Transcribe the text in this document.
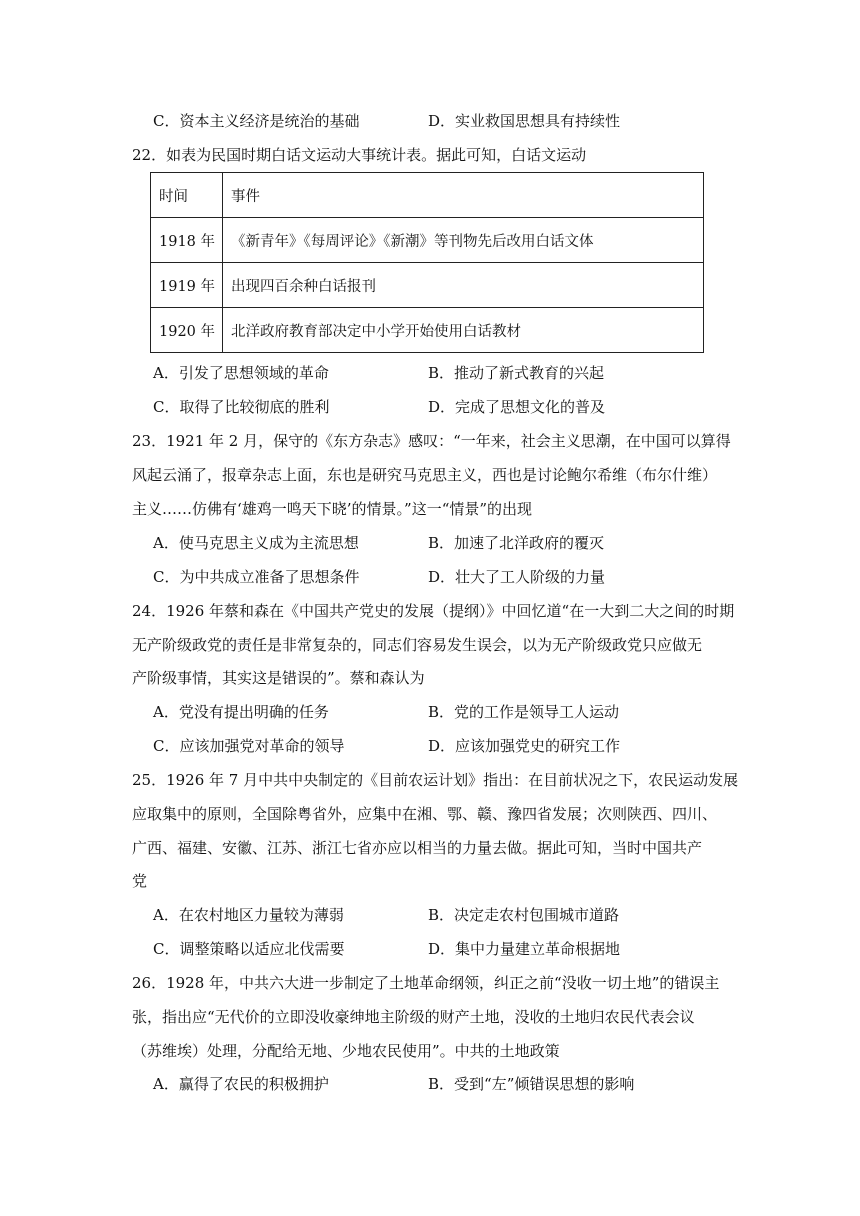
C．资本主义经济是统治的基础	D．实业救国思想具有持续性
22．如表为民国时期白话文运动大事统计表。据此可知，白话文运动
时间	事件
1918 年	《新青年》《每周评论》《新潮》等刊物先后改用白话文体
1919 年	出现四百余种白话报刊
1920 年	北洋政府教育部决定中小学开始使用白话教材
A．引发了思想领域的革命	B．推动了新式教育的兴起
C．取得了比较彻底的胜利	D．完成了思想文化的普及
23．1921 年 2 月，保守的《东方杂志》感叹：“一年来，社会主义思潮，在中国可以算得
风起云涌了，报章杂志上面，东也是研究马克思主义，西也是讨论鲍尔希维（布尔什维）
主义……仿佛有‘雄鸡一鸣天下晓’的情景。”这一“情景”的出现
A．使马克思主义成为主流思想	B．加速了北洋政府的覆灭
C．为中共成立准备了思想条件	D．壮大了工人阶级的力量
24．1926 年蔡和森在《中国共产党史的发展（提纲）》中回忆道“在一大到二大之间的时期
无产阶级政党的责任是非常复杂的，同志们容易发生误会，以为无产阶级政党只应做无
产阶级事情，其实这是错误的”。蔡和森认为
A．党没有提出明确的任务	B．党的工作是领导工人运动
C．应该加强党对革命的领导	D．应该加强党史的研究工作
25．1926 年 7 月中共中央制定的《目前农运计划》指出：在目前状况之下，农民运动发展
应取集中的原则，全国除粤省外，应集中在湘、鄂、赣、豫四省发展；次则陕西、四川、
广西、福建、安徽、江苏、浙江七省亦应以相当的力量去做。据此可知，当时中国共产
党
A．在农村地区力量较为薄弱	B．决定走农村包围城市道路
C．调整策略以适应北伐需要	D．集中力量建立革命根据地
26．1928 年，中共六大进一步制定了土地革命纲领，纠正之前“没收一切土地”的错误主
张，指出应“无代价的立即没收豪绅地主阶级的财产土地，没收的土地归农民代表会议
（苏维埃）处理，分配给无地、少地农民使用”。中共的土地政策
A．赢得了农民的积极拥护	B．受到“左”倾错误思想的影响
